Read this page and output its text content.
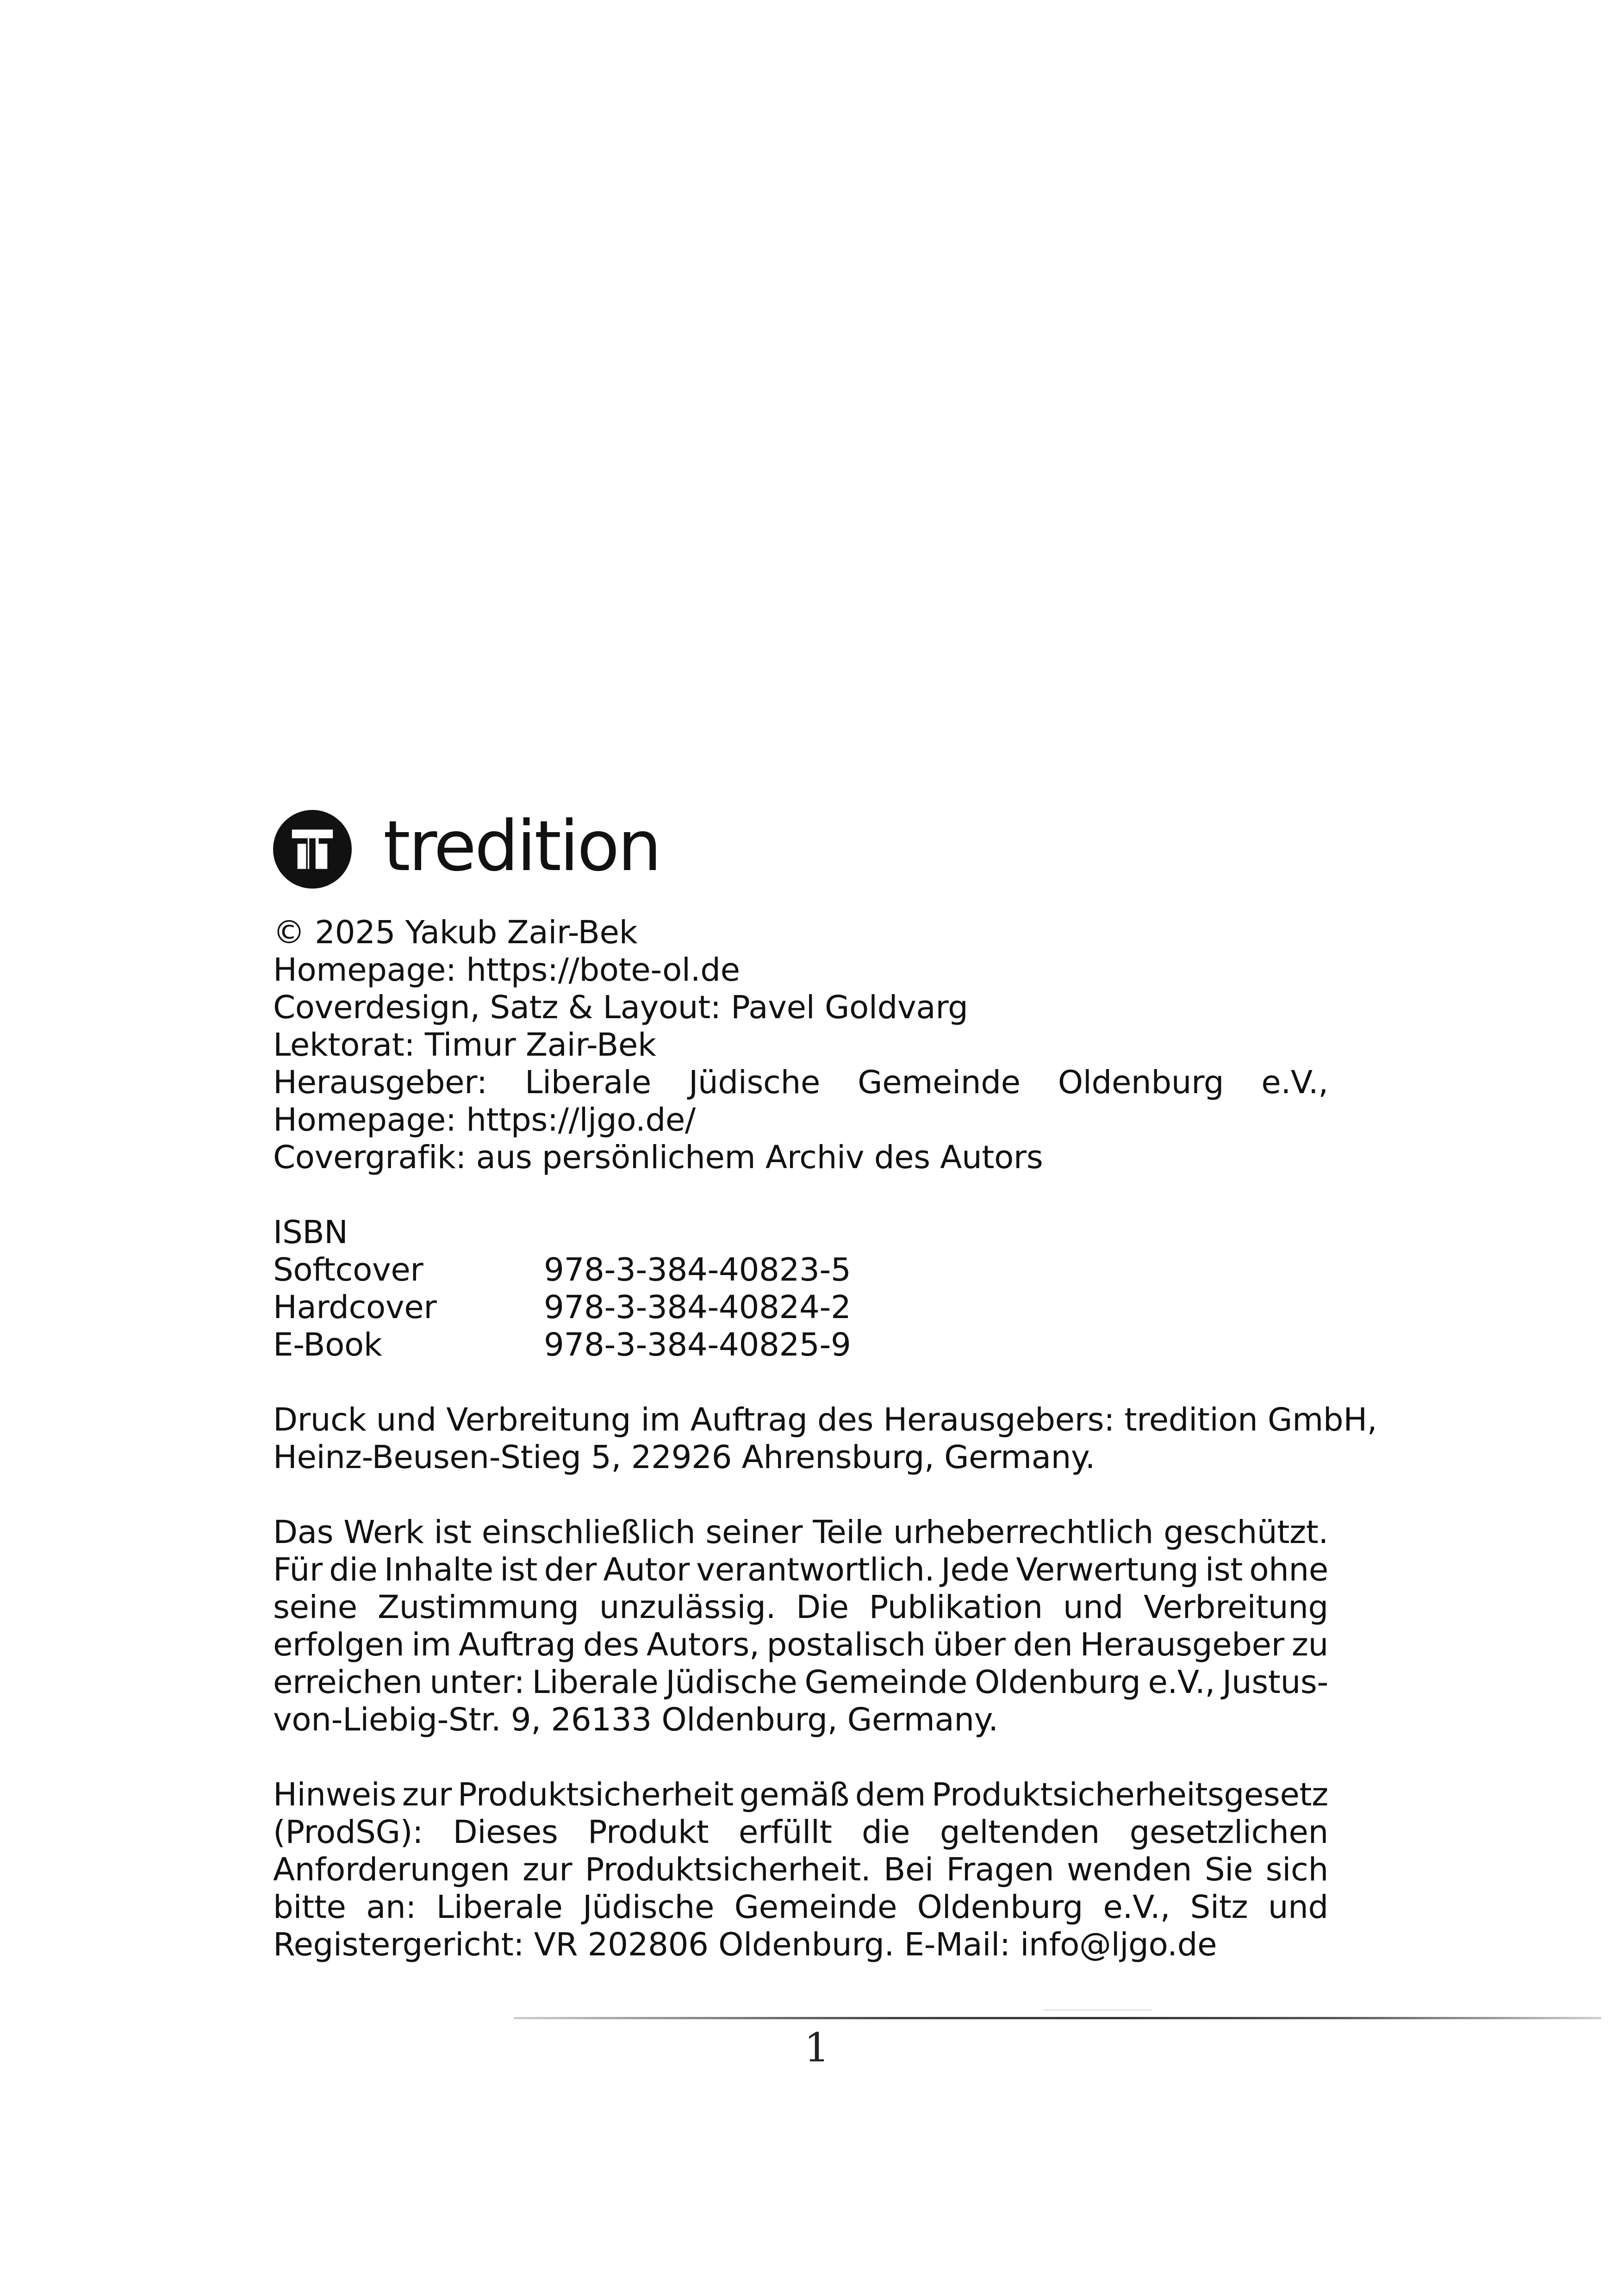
tredition
© 2025 Yakub Zair-Bek
Homepage: https://bote-ol.de
Coverdesign, Satz & Layout: Pavel Goldvarg
Lektorat: Timur Zair-Bek
Herausgeber: Liberale Jüdische Gemeinde Oldenburg e.V.,
Homepage: https://ljgo.de/
Covergrafik: aus persönlichem Archiv des Autors
ISBN
Softcover	978-3-384-40823-5
Hardcover	978-3-384-40824-2
E-Book	978-3-384-40825-9
Druck und Verbreitung im Auftrag des Herausgebers: tredition GmbH,
Heinz-Beusen-Stieg 5, 22926 Ahrensburg, Germany.
Das Werk ist einschließlich seiner Teile urheberrechtlich geschützt.
Für die Inhalte ist der Autor verantwortlich. Jede Verwertung ist ohne
seine Zustimmung unzulässig. Die Publikation und Verbreitung
erfolgen im Auftrag des Autors, postalisch über den Herausgeber zu
erreichen unter: Liberale Jüdische Gemeinde Oldenburg e.V., Justus-
von-Liebig-Str. 9, 26133 Oldenburg, Germany.
Hinweis zur Produktsicherheit gemäß dem Produktsicherheitsgesetz
(ProdSG): Dieses Produkt erfüllt die geltenden gesetzlichen
Anforderungen zur Produktsicherheit. Bei Fragen wenden Sie sich
bitte an: Liberale Jüdische Gemeinde Oldenburg e.V., Sitz und
Registergericht: VR 202806 Oldenburg. E-Mail: info@ljgo.de
1
